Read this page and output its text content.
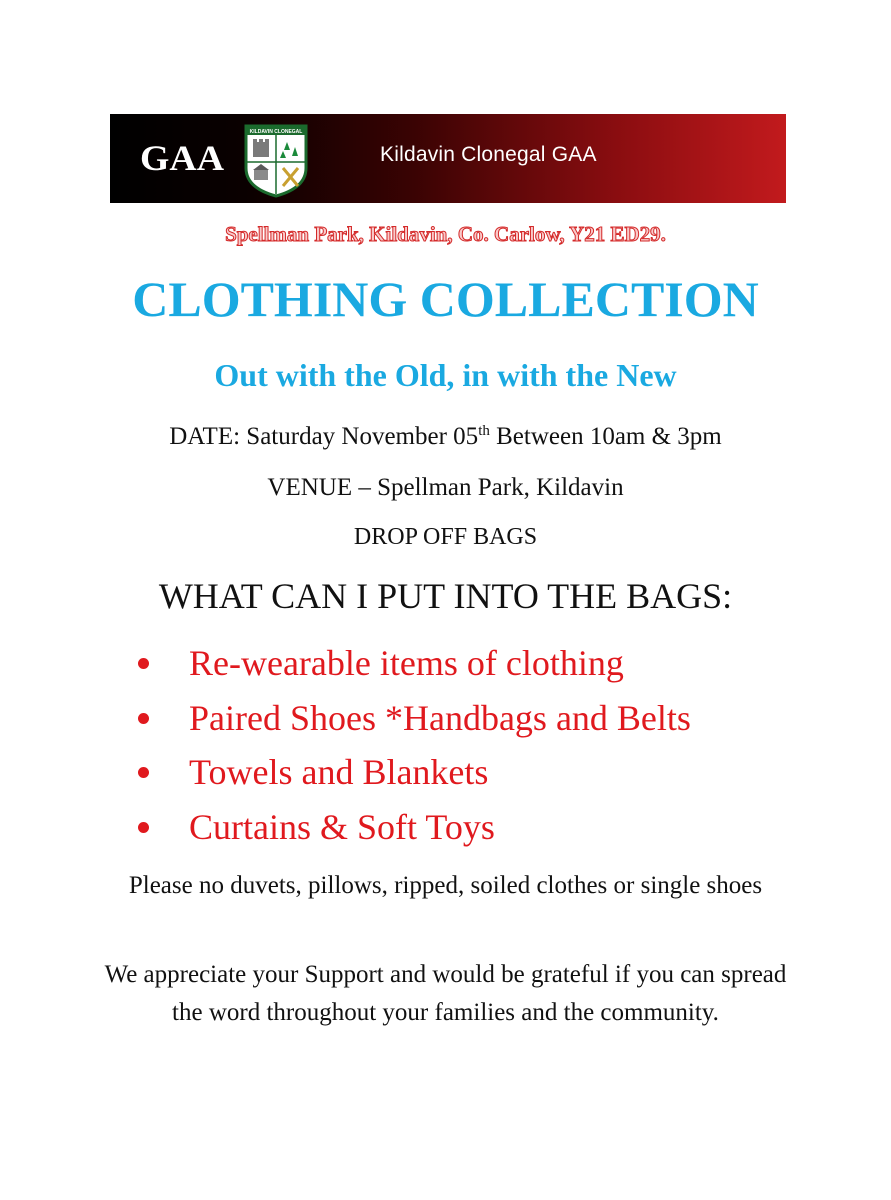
GAA
KILDAVIN CLONEGAL
Kildavin Clonegal GAA
Spellman Park, Kildavin, Co. Carlow, Y21 ED29.
CLOTHING COLLECTION
Out with the Old, in with the New
DATE: Saturday November 05th Between 10am & 3pm
VENUE – Spellman Park, Kildavin
DROP OFF BAGS
WHAT CAN I PUT INTO THE BAGS:
Re-wearable items of clothing
Paired Shoes *Handbags and Belts
Towels and Blankets
Curtains & Soft Toys
Please no duvets, pillows, ripped, soiled clothes or single shoes
We appreciate your Support and would be grateful if you can spread the word throughout your families and the community.
